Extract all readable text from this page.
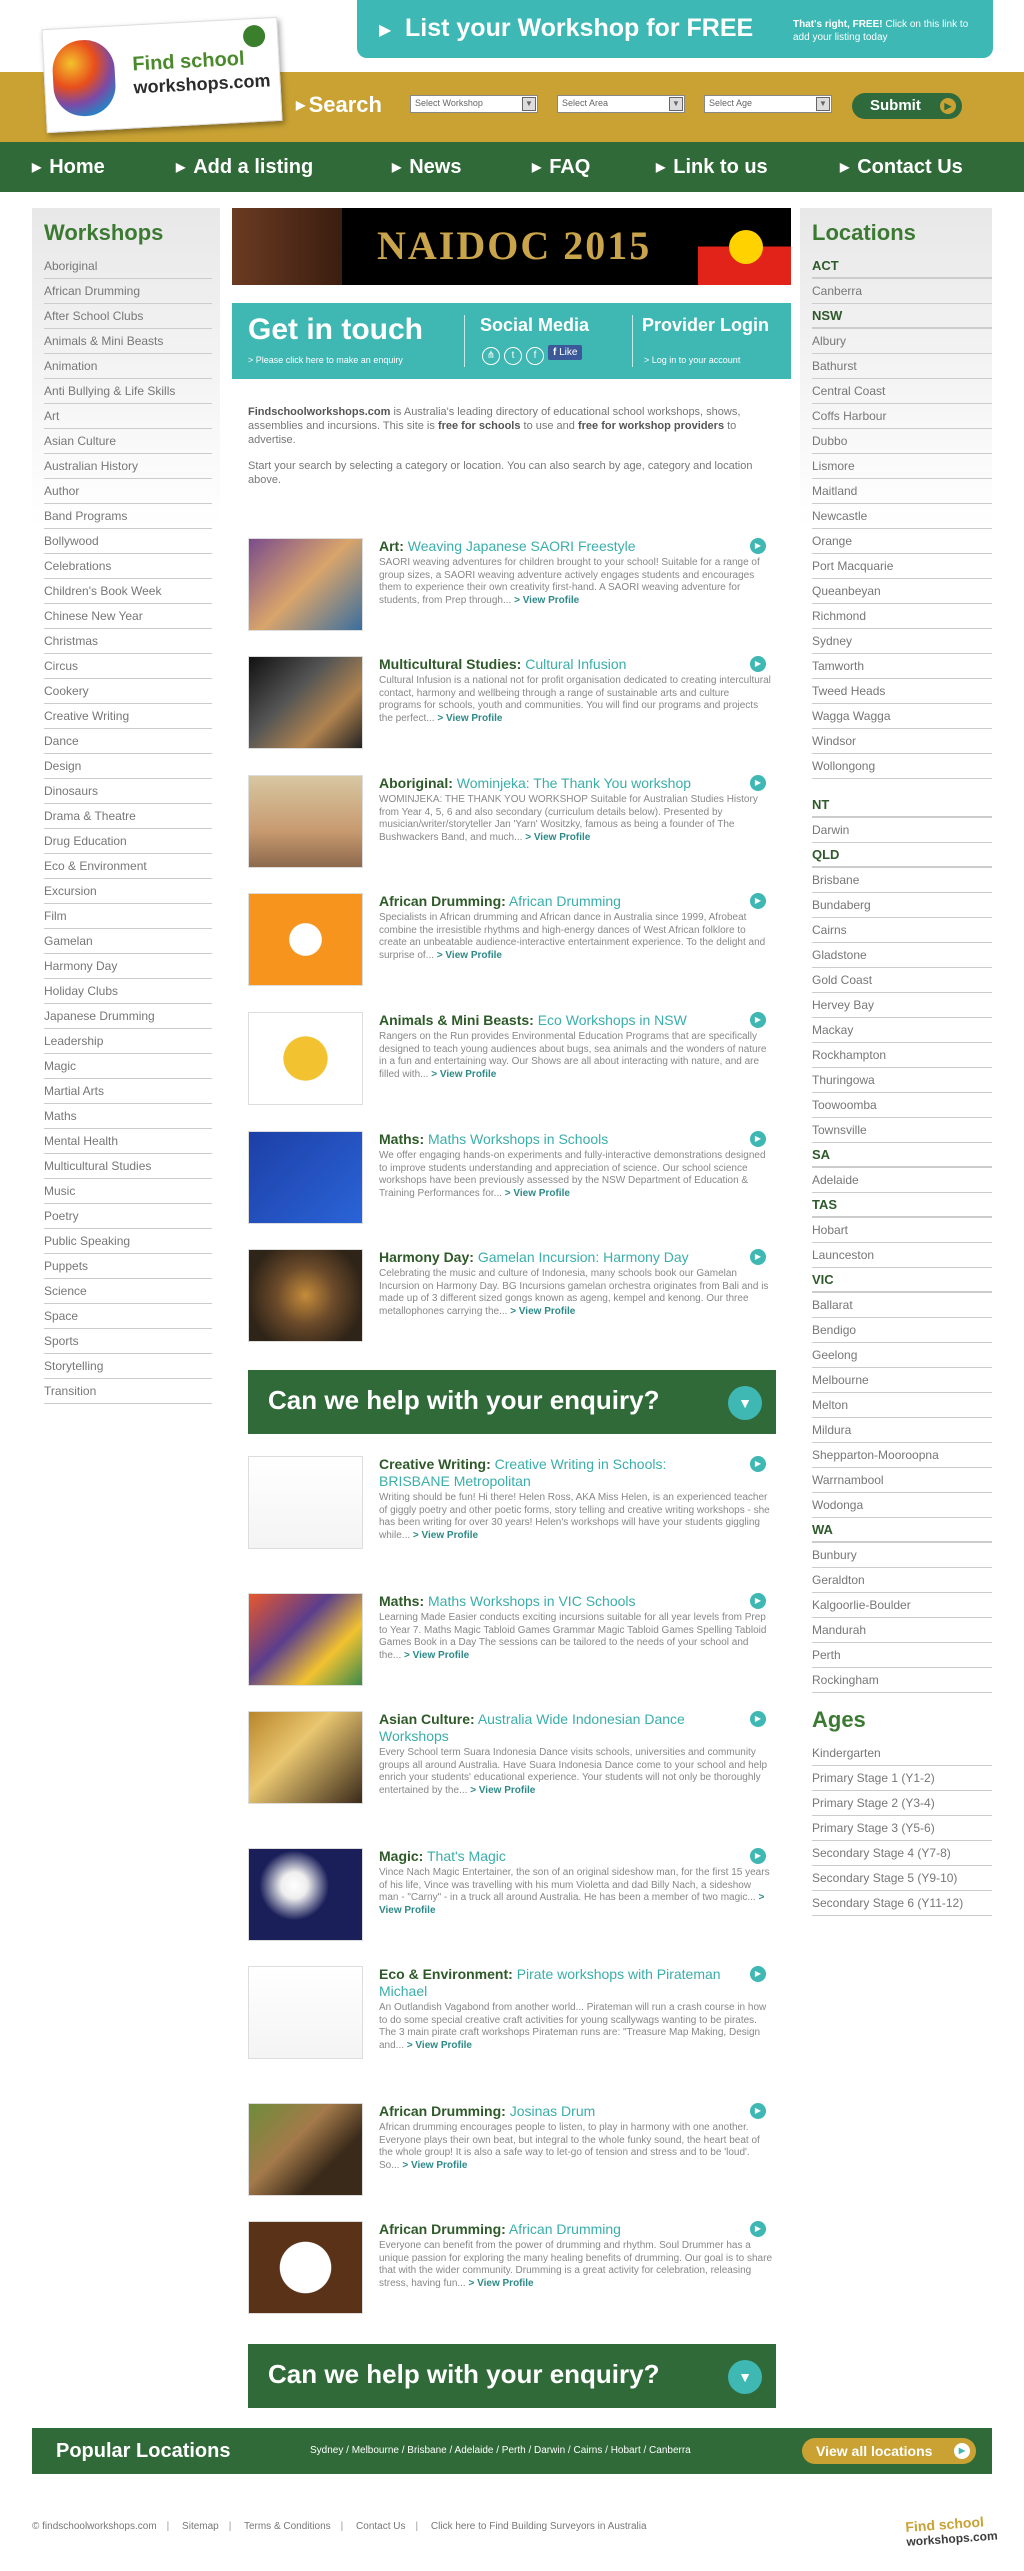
▶ List your Workshop for FREE	That's right, FREE! Click on this link to add your listing today
Find school
workshops.com
▶ Search	Select Workshop	▼	Select Area	▼	Select Age	▼	Submit	▶
▶ Home	▶ Add a listing	▶ News	▶ FAQ	▶ Link to us	▶ Contact Us
Workshops
Aboriginal
African Drumming
After School Clubs
Animals & Mini Beasts
Animation
Anti Bullying & Life Skills
Art
Asian Culture
Australian History
Author
Band Programs
Bollywood
Celebrations
Children's Book Week
Chinese New Year
Christmas
Circus
Cookery
Creative Writing
Dance
Design
Dinosaurs
Drama & Theatre
Drug Education
Eco & Environment
Excursion
Film
Gamelan
Harmony Day
Holiday Clubs
Japanese Drumming
Leadership
Magic
Martial Arts
Maths
Mental Health
Multicultural Studies
Music
Poetry
Public Speaking
Puppets
Science
Space
Sports
Storytelling
Transition
Locations
ACT
Canberra
NSW
Albury
Bathurst
Central Coast
Coffs Harbour
Dubbo
Lismore
Maitland
Newcastle
Orange
Port Macquarie
Queanbeyan
Richmond
Sydney
Tamworth
Tweed Heads
Wagga Wagga
Windsor
Wollongong
NT
Darwin
QLD
Brisbane
Bundaberg
Cairns
Gladstone
Gold Coast
Hervey Bay
Mackay
Rockhampton
Thuringowa
Toowoomba
Townsville
SA
Adelaide
TAS
Hobart
Launceston
VIC
Ballarat
Bendigo
Geelong
Melbourne
Melton
Mildura
Shepparton-Mooroopna
Warrnambool
Wodonga
WA
Bunbury
Geraldton
Kalgoorlie-Boulder
Mandurah
Perth
Rockingham
Ages
Kindergarten
Primary Stage 1 (Y1-2)
Primary Stage 2 (Y3-4)
Primary Stage 3 (Y5-6)
Secondary Stage 4 (Y7-8)
Secondary Stage 5 (Y9-10)
Secondary Stage 6 (Y11-12)
NAIDOC 2015
Get in touch
> Please click here to make an enquiry
Social Media
⋔ t f f Like
Provider Login
> Log in to your account

Findschoolworkshops.com is Australia's leading directory of educational school workshops, shows, assemblies and incursions. This site is free for schools to use and free for workshop providers to advertise.

Start your search by selecting a category or location. You can also search by age, category and location above.

Art: Weaving Japanese SAORI Freestyle	▶
SAORI weaving adventures for children brought to your school! Suitable for a range of group sizes, a SAORI weaving adventure actively engages students and encourages them to experience their own creativity first-hand. A SAORI weaving adventure for students, from Prep through... > View Profile
Multicultural Studies: Cultural Infusion	▶
Cultural Infusion is a national not for profit organisation dedicated to creating intercultural contact, harmony and wellbeing through a range of sustainable arts and culture programs for schools, youth and communities. You will find our programs and projects the perfect... > View Profile
Aboriginal: Wominjeka: The Thank You workshop	▶
WOMINJEKA: THE THANK YOU WORKSHOP Suitable for Australian Studies History from Year 4, 5, 6 and also secondary (curriculum details below). Presented by musician/writer/storyteller Jan 'Yarn' Wositzky, famous as being a founder of The Bushwackers Band, and much... > View Profile
African Drumming: African Drumming	▶
Specialists in African drumming and African dance in Australia since 1999, Afrobeat combine the irresistible rhythms and high-energy dances of West African folklore to create an unbeatable audience-interactive entertainment experience. To the delight and surprise of... > View Profile
Animals & Mini Beasts: Eco Workshops in NSW	▶
Rangers on the Run provides Environmental Education Programs that are specifically designed to teach young audiences about bugs, sea animals and the wonders of nature in a fun and entertaining way. Our Shows are all about interacting with nature, and are filled with... > View Profile
Maths: Maths Workshops in Schools	▶
We offer engaging hands-on experiments and fully-interactive demonstrations designed to improve students understanding and appreciation of science. Our school science workshops have been previously assessed by the NSW Department of Education & Training Performances for... > View Profile
Harmony Day: Gamelan Incursion: Harmony Day	▶
Celebrating the music and culture of Indonesia, many schools book our Gamelan Incursion on Harmony Day. BG Incursions gamelan orchestra originates from Bali and is made up of 3 different sized gongs known as ageng, kempel and kenong. Our three metallophones carrying the... > View Profile
Creative Writing: Creative Writing in Schools: BRISBANE Metropolitan
▶
Writing should be fun! Hi there! Helen Ross, AKA Miss Helen, is an experienced teacher of giggly poetry and other poetic forms, story telling and creative writing workshops - she has been writing for over 30 years! Helen's workshops will have your students giggling while... > View Profile
Maths: Maths Workshops in VIC Schools	▶
Learning Made Easier conducts exciting incursions suitable for all year levels from Prep to Year 7. Maths Magic Tabloid Games Grammar Magic Tabloid Games Spelling Tabloid Games Book in a Day The sessions can be tailored to the needs of your school and the... > View Profile
Asian Culture: Australia Wide Indonesian Dance Workshops
▶
Every School term Suara Indonesia Dance visits schools, universities and community groups all around Australia. Have Suara Indonesia Dance come to your school and help enrich your students' educational experience. Your students will not only be thoroughly entertained by the... > View Profile
Magic: That's Magic	▶
Vince Nach Magic Entertainer, the son of an original sideshow man, for the first 15 years of his life, Vince was travelling with his mum Violetta and dad Billy Nach, a sideshow man - "Carny" - in a truck all around Australia. He has been a member of two magic... > View Profile
Eco & Environment: Pirate workshops with Pirateman Michael
▶
An Outlandish Vagabond from another world... Pirateman will run a crash course in how to do some special creative craft activities for young scallywags wanting to be pirates. The 3 main pirate craft workshops Pirateman runs are: "Treasure Map Making, Design and... > View Profile
African Drumming: Josinas Drum	▶
African drumming encourages people to listen, to play in harmony with one another. Everyone plays their own beat, but integral to the whole funky sound, the heart beat of the whole group! It is also a safe way to let-go of tension and stress and to be 'loud'. So... > View Profile
African Drumming: African Drumming	▶
Everyone can benefit from the power of drumming and rhythm. Soul Drummer has a unique passion for exploring the many healing benefits of drumming. Our goal is to share that with the wider community. Drumming is a great activity for celebration, releasing stress, having fun... > View Profile
Can we help with your enquiry?	▼
Can we help with your enquiry?	▼
Popular Locations	Sydney / Melbourne / Brisbane / Adelaide / Perth / Darwin / Cairns / Hobart / Canberra	View all locations	▶
© findschoolworkshops.com | Sitemap | Terms & Conditions | Contact Us | Click here to Find Building Surveyors in Australia	Find school
workshops.com
